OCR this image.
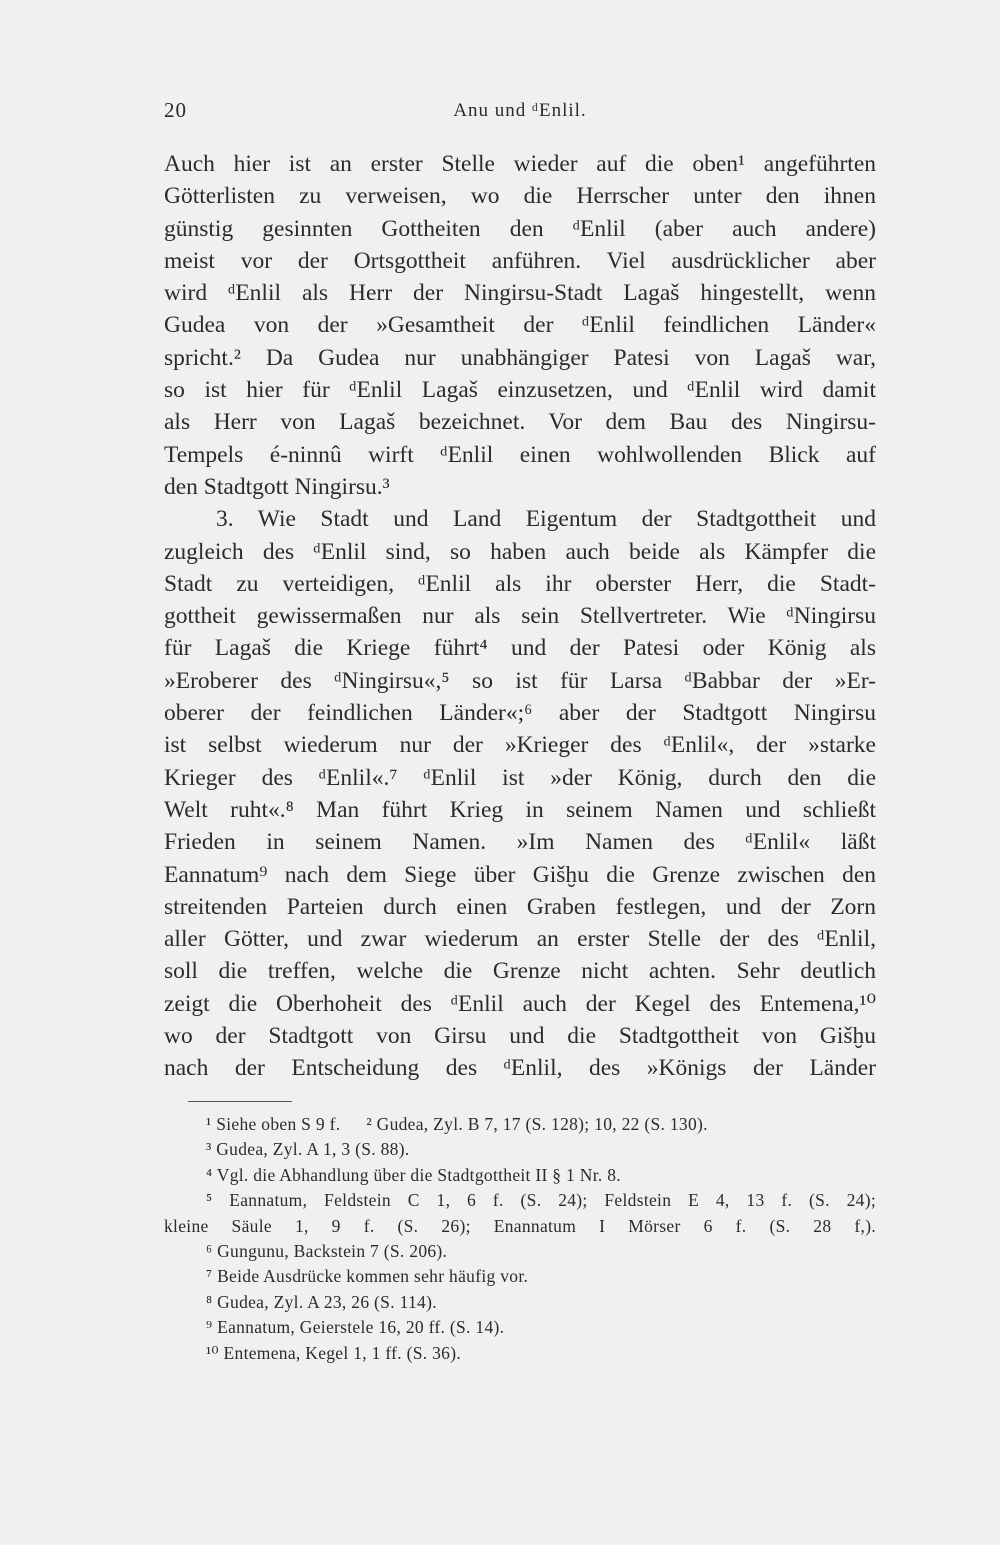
20	Anu und ᵈEnlil.
Auch hier ist an erster Stelle wieder auf die oben¹ angeführten
Götterlisten zu verweisen, wo die Herrscher unter den ihnen
günstig gesinnten Gottheiten den ᵈEnlil (aber auch andere)
meist vor der Ortsgottheit anführen. Viel ausdrücklicher aber
wird ᵈEnlil als Herr der Ningirsu-Stadt Lagaš hingestellt, wenn
Gudea von der »Gesamtheit der ᵈEnlil feindlichen Länder«
spricht.² Da Gudea nur unabhängiger Patesi von Lagaš war,
so ist hier für ᵈEnlil Lagaš einzusetzen, und ᵈEnlil wird damit
als Herr von Lagaš bezeichnet. Vor dem Bau des Ningirsu-
Tempels é-ninnû wirft ᵈEnlil einen wohlwollenden Blick auf
den Stadtgott Ningirsu.³
3. Wie Stadt und Land Eigentum der Stadtgottheit und
zugleich des ᵈEnlil sind, so haben auch beide als Kämpfer die
Stadt zu verteidigen, ᵈEnlil als ihr oberster Herr, die Stadt-
gottheit gewissermaßen nur als sein Stellvertreter. Wie ᵈNingirsu
für Lagaš die Kriege führt⁴ und der Patesi oder König als
»Eroberer des ᵈNingirsu«,⁵ so ist für Larsa ᵈBabbar der »Er-
oberer der feindlichen Länder«;⁶ aber der Stadtgott Ningirsu
ist selbst wiederum nur der »Krieger des ᵈEnlil«, der »starke
Krieger des ᵈEnlil«.⁷ ᵈEnlil ist »der König, durch den die
Welt ruht«.⁸ Man führt Krieg in seinem Namen und schließt
Frieden in seinem Namen. »Im Namen des ᵈEnlil« läßt
Eannatum⁹ nach dem Siege über Gišḫu die Grenze zwischen den
streitenden Parteien durch einen Graben festlegen, und der Zorn
aller Götter, und zwar wiederum an erster Stelle der des ᵈEnlil,
soll die treffen, welche die Grenze nicht achten. Sehr deutlich
zeigt die Oberhoheit des ᵈEnlil auch der Kegel des Entemena,¹⁰
wo der Stadtgott von Girsu und die Stadtgottheit von Gišḫu
nach der Entscheidung des ᵈEnlil, des »Königs der Länder
¹ Siehe oben S 9 f. ² Gudea, Zyl. B 7, 17 (S. 128); 10, 22 (S. 130).
³ Gudea, Zyl. A 1, 3 (S. 88).
⁴ Vgl. die Abhandlung über die Stadtgottheit II § 1 Nr. 8.
⁵ Eannatum, Feldstein C 1, 6 f. (S. 24); Feldstein E 4, 13 f. (S. 24);
kleine Säule 1, 9 f. (S. 26); Enannatum I Mörser 6 f. (S. 28 f,).
⁶ Gungunu, Backstein 7 (S. 206).
⁷ Beide Ausdrücke kommen sehr häufig vor.
⁸ Gudea, Zyl. A 23, 26 (S. 114).
⁹ Eannatum, Geierstele 16, 20 ff. (S. 14).
¹⁰ Entemena, Kegel 1, 1 ff. (S. 36).
